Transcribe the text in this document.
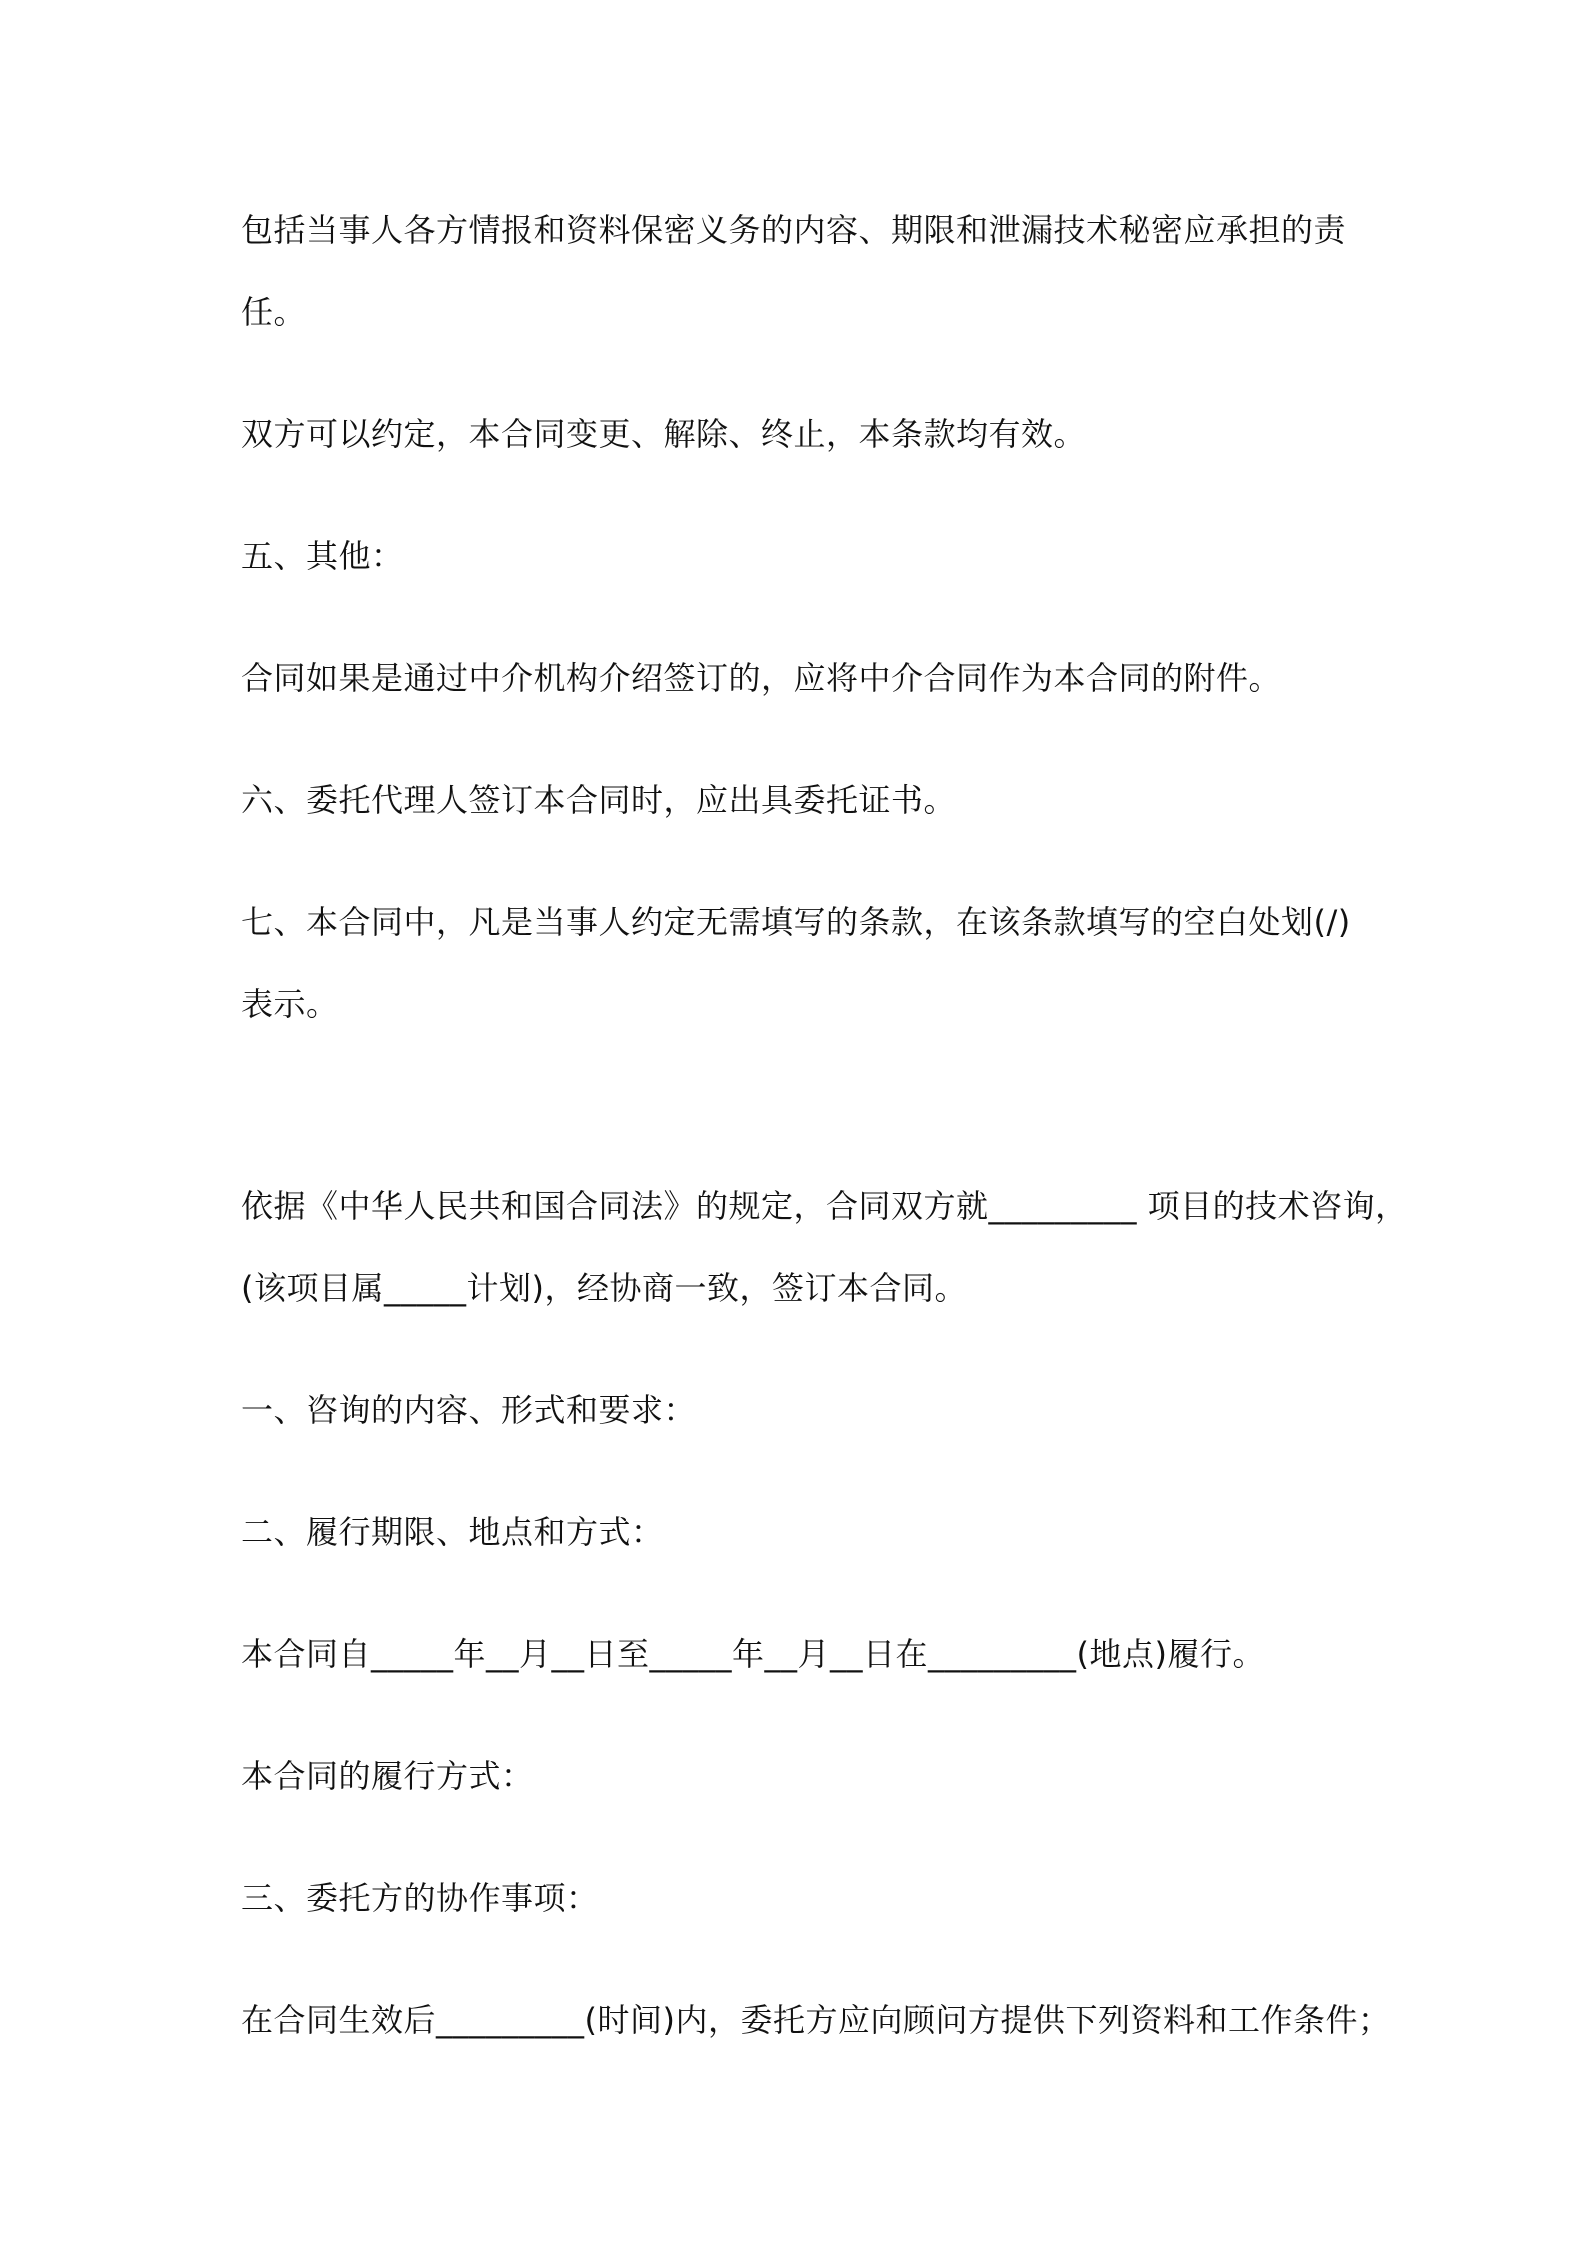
包括当事人各方情报和资料保密义务的内容、期限和泄漏技术秘密应承担的责

任。

双方可以约定，本合同变更、解除、终止，本条款均有效。

五、其他：

合同如果是通过中介机构介绍签订的，应将中介合同作为本合同的附件。

六、委托代理人签订本合同时，应出具委托证书。

七、本合同中，凡是当事人约定无需填写的条款，在该条款填写的空白处划(/)

表示。

依据《中华人民共和国合同法》的规定，合同双方就_________ 项目的技术咨询，

(该项目属_____计划)，经协商一致，签订本合同。

一、咨询的内容、形式和要求：

二、履行期限、地点和方式：

本合同自_____年__月__日至_____年__月__日在_________(地点)履行。

本合同的履行方式：

三、委托方的协作事项：

在合同生效后_________(时间)内，委托方应向顾问方提供下列资料和工作条件；
